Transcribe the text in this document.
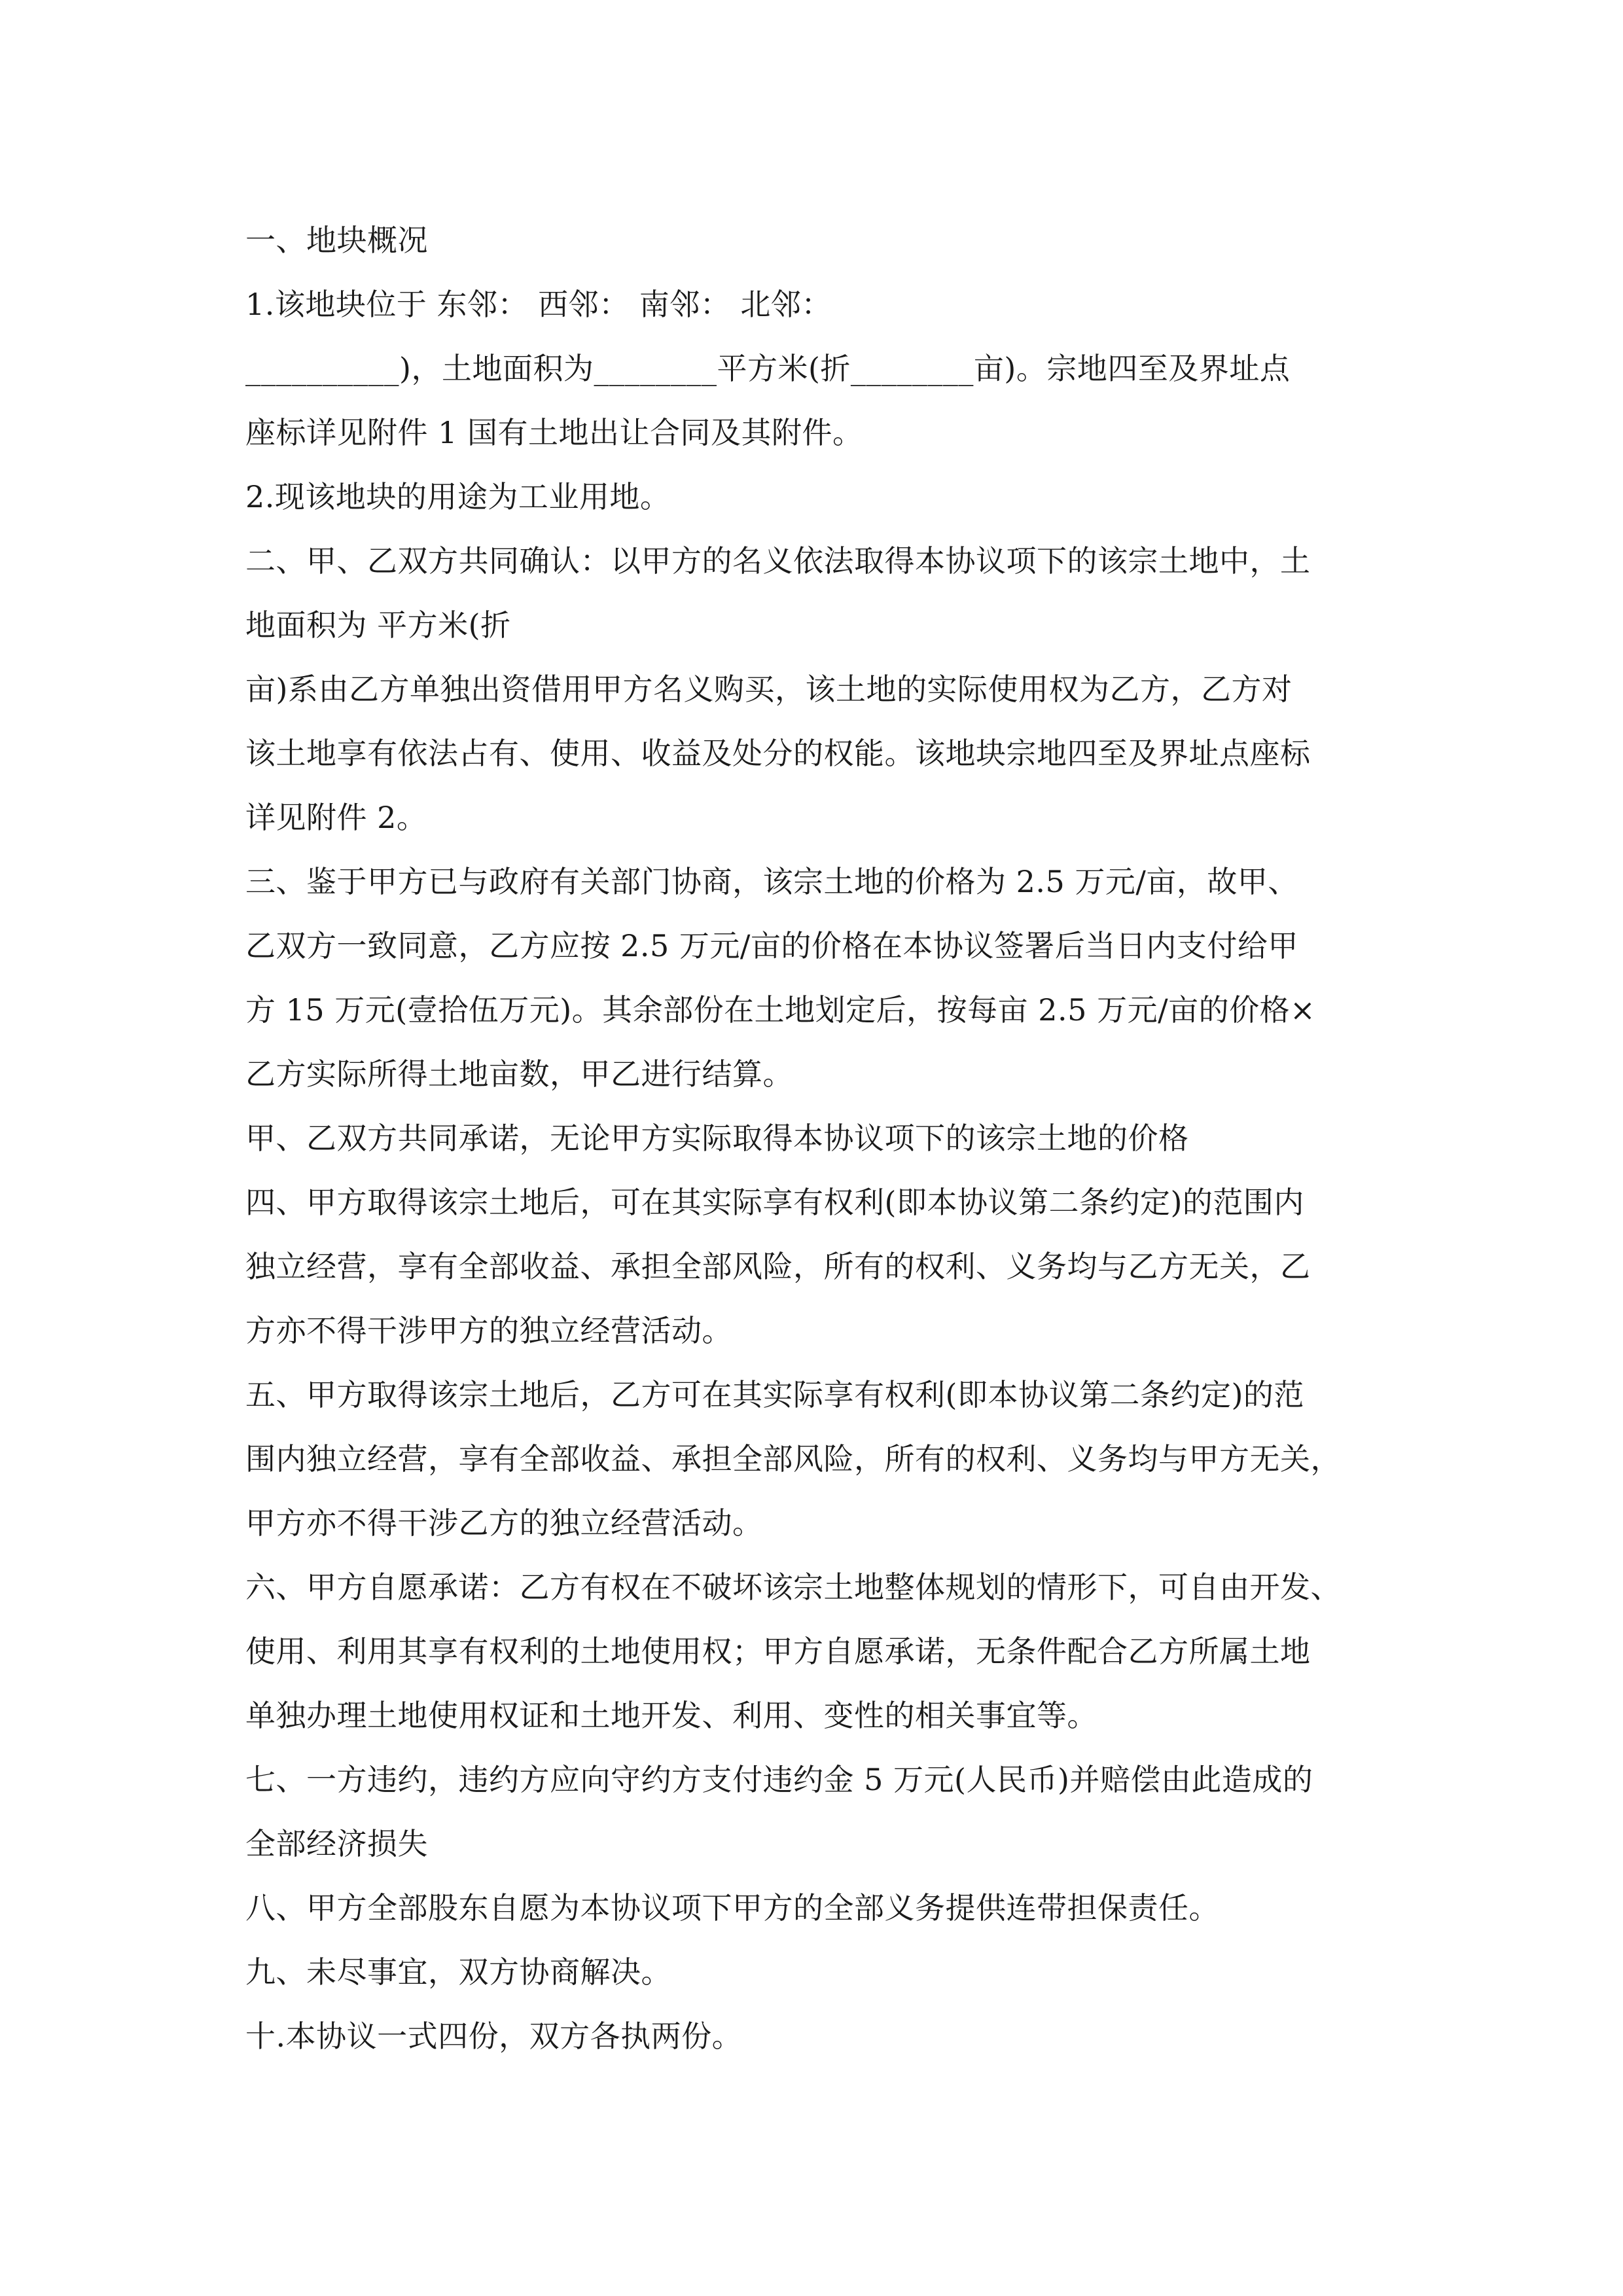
一、地块概况

1.该地块位于 东邻： 西邻： 南邻： 北邻：

__________)，土地面积为________平方米(折________亩)。宗地四至及界址点

座标详见附件 1 国有土地出让合同及其附件。

2.现该地块的用途为工业用地。

二、甲、乙双方共同确认：以甲方的名义依法取得本协议项下的该宗土地中，土

地面积为 平方米(折

亩)系由乙方单独出资借用甲方名义购买，该土地的实际使用权为乙方，乙方对

该土地享有依法占有、使用、收益及处分的权能。该地块宗地四至及界址点座标

详见附件 2。

三、鉴于甲方已与政府有关部门协商，该宗土地的价格为 2.5 万元/亩，故甲、

乙双方一致同意，乙方应按 2.5 万元/亩的价格在本协议签署后当日内支付给甲

方 15 万元(壹拾伍万元)。其余部份在土地划定后，按每亩 2.5 万元/亩的价格×

乙方实际所得土地亩数，甲乙进行结算。

甲、乙双方共同承诺，无论甲方实际取得本协议项下的该宗土地的价格

四、甲方取得该宗土地后，可在其实际享有权利(即本协议第二条约定)的范围内

独立经营，享有全部收益、承担全部风险，所有的权利、义务均与乙方无关，乙

方亦不得干涉甲方的独立经营活动。

五、甲方取得该宗土地后，乙方可在其实际享有权利(即本协议第二条约定)的范

围内独立经营，享有全部收益、承担全部风险，所有的权利、义务均与甲方无关，

甲方亦不得干涉乙方的独立经营活动。

六、甲方自愿承诺：乙方有权在不破坏该宗土地整体规划的情形下，可自由开发、

使用、利用其享有权利的土地使用权；甲方自愿承诺，无条件配合乙方所属土地

单独办理土地使用权证和土地开发、利用、变性的相关事宜等。

七、一方违约，违约方应向守约方支付违约金 5 万元(人民币)并赔偿由此造成的

全部经济损失

八、甲方全部股东自愿为本协议项下甲方的全部义务提供连带担保责任。

九、未尽事宜，双方协商解决。

十.本协议一式四份，双方各执两份。
